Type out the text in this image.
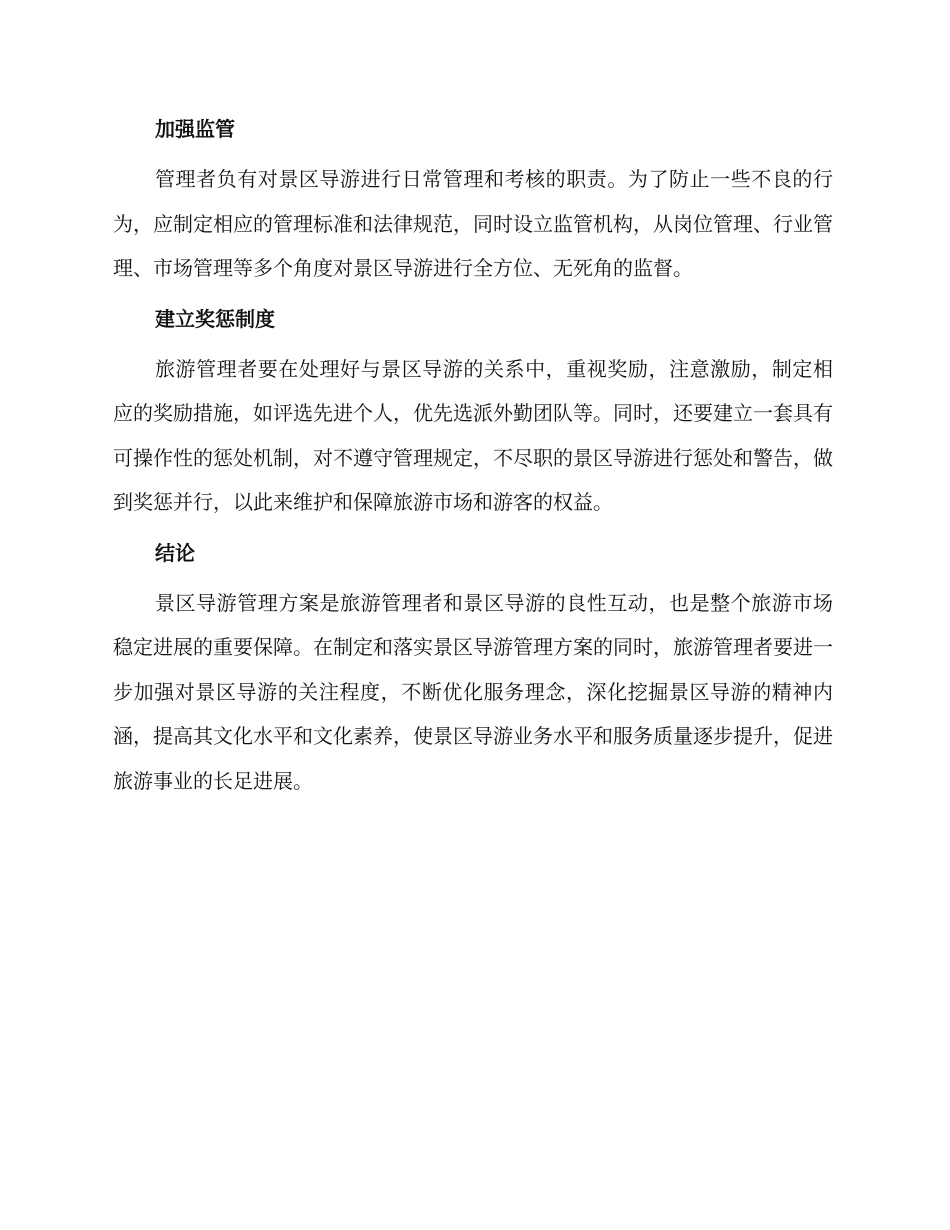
加强监管

管理者负有对景区导游进行日常管理和考核的职责。为了防止一些不良的行为，应制定相应的管理标准和法律规范，同时设立监管机构，从岗位管理、行业管理、市场管理等多个角度对景区导游进行全方位、无死角的监督。

建立奖惩制度

旅游管理者要在处理好与景区导游的关系中，重视奖励，注意激励，制定相应的奖励措施，如评选先进个人，优先选派外勤团队等。同时，还要建立一套具有可操作性的惩处机制，对不遵守管理规定，不尽职的景区导游进行惩处和警告，做到奖惩并行，以此来维护和保障旅游市场和游客的权益。

结论

景区导游管理方案是旅游管理者和景区导游的良性互动，也是整个旅游市场稳定进展的重要保障。在制定和落实景区导游管理方案的同时，旅游管理者要进一步加强对景区导游的关注程度，不断优化服务理念，深化挖掘景区导游的精神内涵，提高其文化水平和文化素养，使景区导游业务水平和服务质量逐步提升，促进旅游事业的长足进展。
